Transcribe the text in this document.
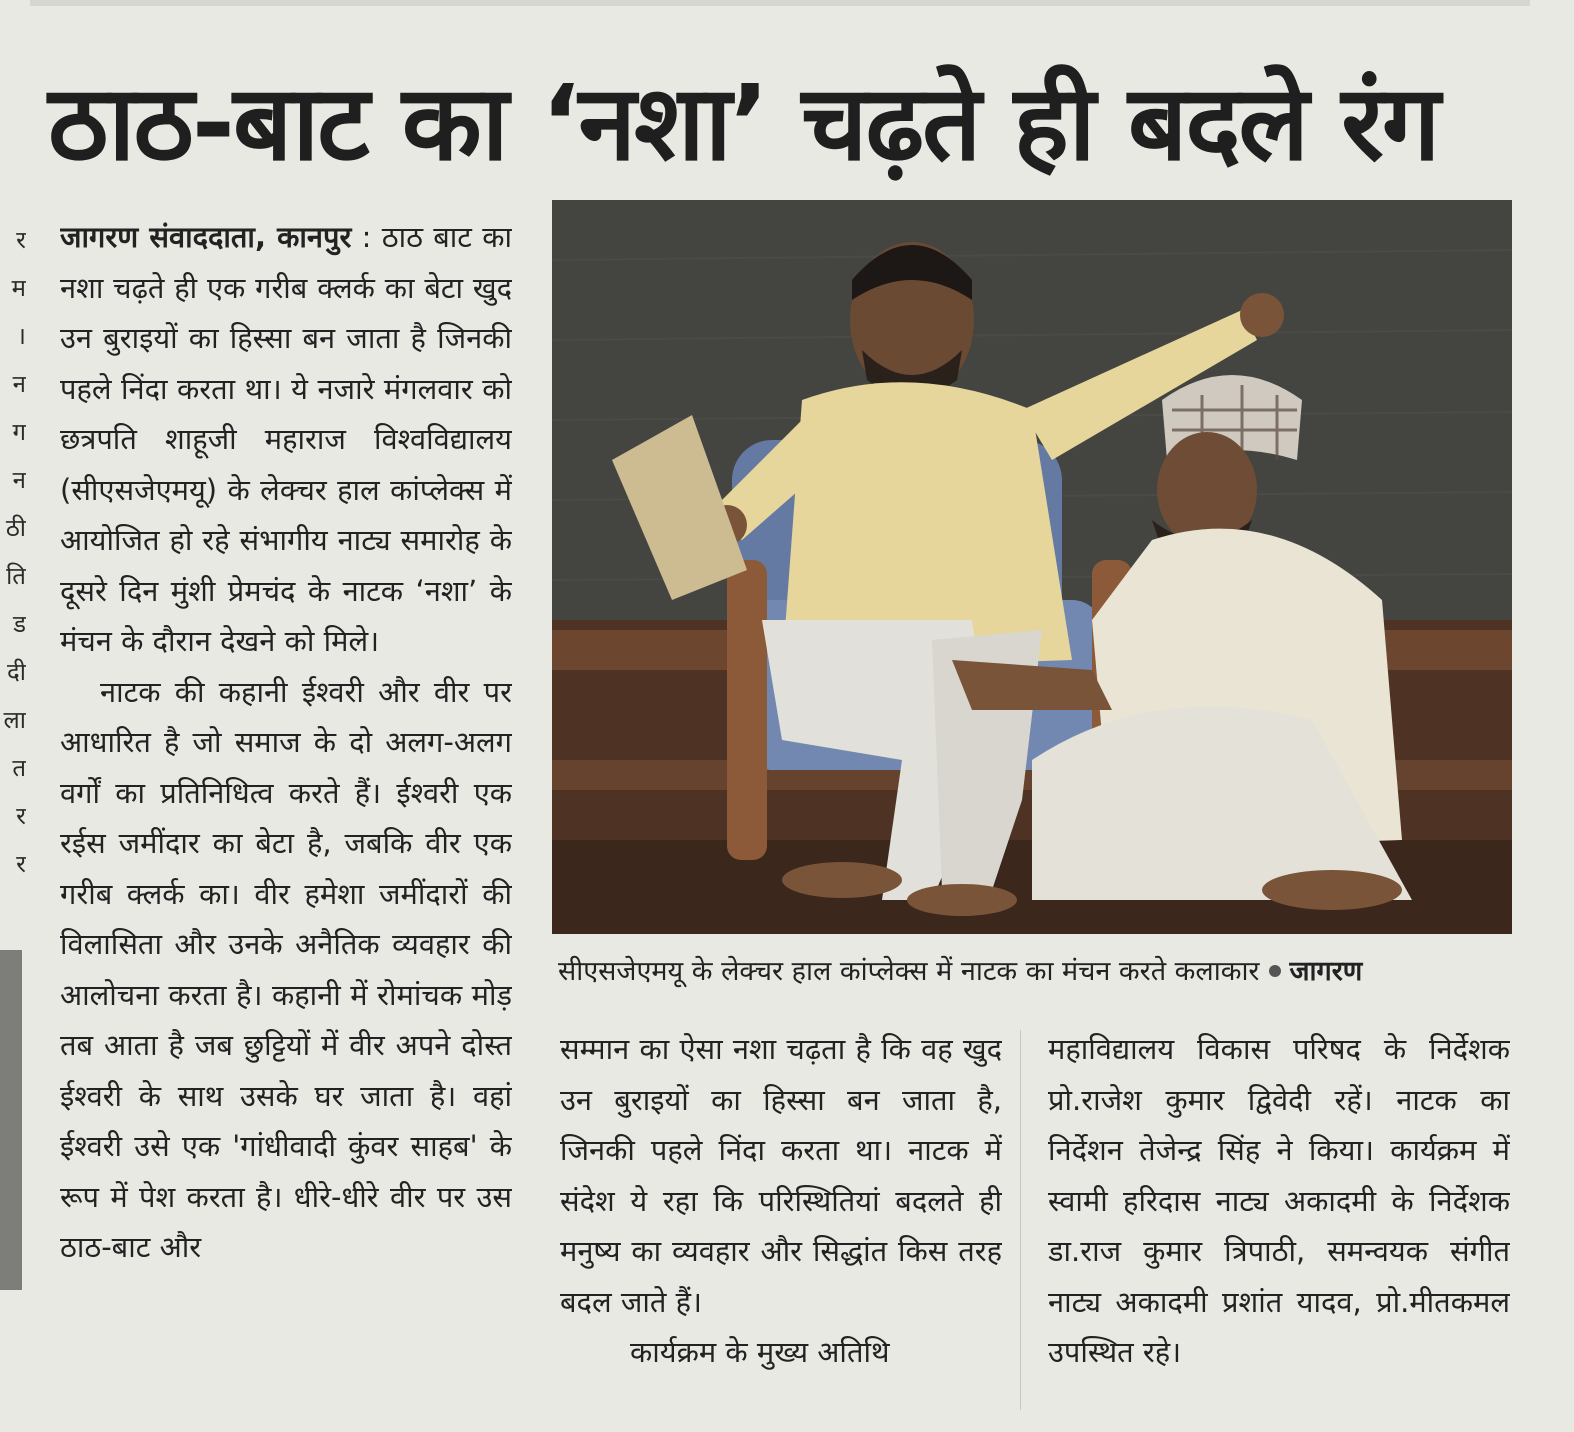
र
म
।
न
ग
न
ठी
ति
ड
दी
ला
त
र
र
ठाठ-बाट का ‘नशा’ चढ़ते ही बदले रंग

जागरण संवाददाता, कानपुर : ठाठ बाट का नशा चढ़ते ही एक गरीब क्लर्क का बेटा खुद उन बुराइयों का हिस्सा बन जाता है जिनकी पहले निंदा करता था। ये नजारे मंगलवार को छत्रपति शाहूजी महाराज विश्वविद्यालय (सीएसजेएमयू) के लेक्चर हाल कांप्लेक्स में आयोजित हो रहे संभागीय नाट्य समारोह के दूसरे दिन मुंशी प्रेमचंद के नाटक ‘नशा’ के मंचन के दौरान देखने को मिले।

नाटक की कहानी ईश्वरी और वीर पर आधारित है जो समाज के दो अलग-अलग वर्गों का प्रतिनिधित्व करते हैं। ईश्वरी एक रईस जमींदार का बेटा है, जबकि वीर एक गरीब क्लर्क का। वीर हमेशा जमींदारों की विलासिता और उनके अनैतिक व्यवहार की आलोचना करता है। कहानी में रोमांचक मोड़ तब आता है जब छुट्टियों में वीर अपने दोस्त ईश्वरी के साथ उसके घर जाता है। वहां ईश्वरी उसे एक 'गांधीवादी कुंवर साहब' के रूप में पेश करता है। धीरे-धीरे वीर पर उस ठाठ-बाट और

सीएसजेएमयू के लेक्चर हाल कांप्लेक्स में नाटक का मंचन करते कलाकार जागरण

सम्मान का ऐसा नशा चढ़ता है कि वह खुद उन बुराइयों का हिस्सा बन जाता है, जिनकी पहले निंदा करता था। नाटक में संदेश ये रहा कि परिस्थितियां बदलते ही मनुष्य का व्यवहार और सिद्धांत किस तरह बदल जाते हैं।

कार्यक्रम के मुख्य अतिथि

महाविद्यालय विकास परिषद के निर्देशक प्रो.राजेश कुमार द्विवेदी रहें। नाटक का निर्देशन तेजेन्द्र सिंह ने किया। कार्यक्रम में स्वामी हरिदास नाट्य अकादमी के निर्देशक डा.राज कुमार त्रिपाठी, समन्वयक संगीत नाट्य अकादमी प्रशांत यादव, प्रो.मीतकमल उपस्थित रहे।
